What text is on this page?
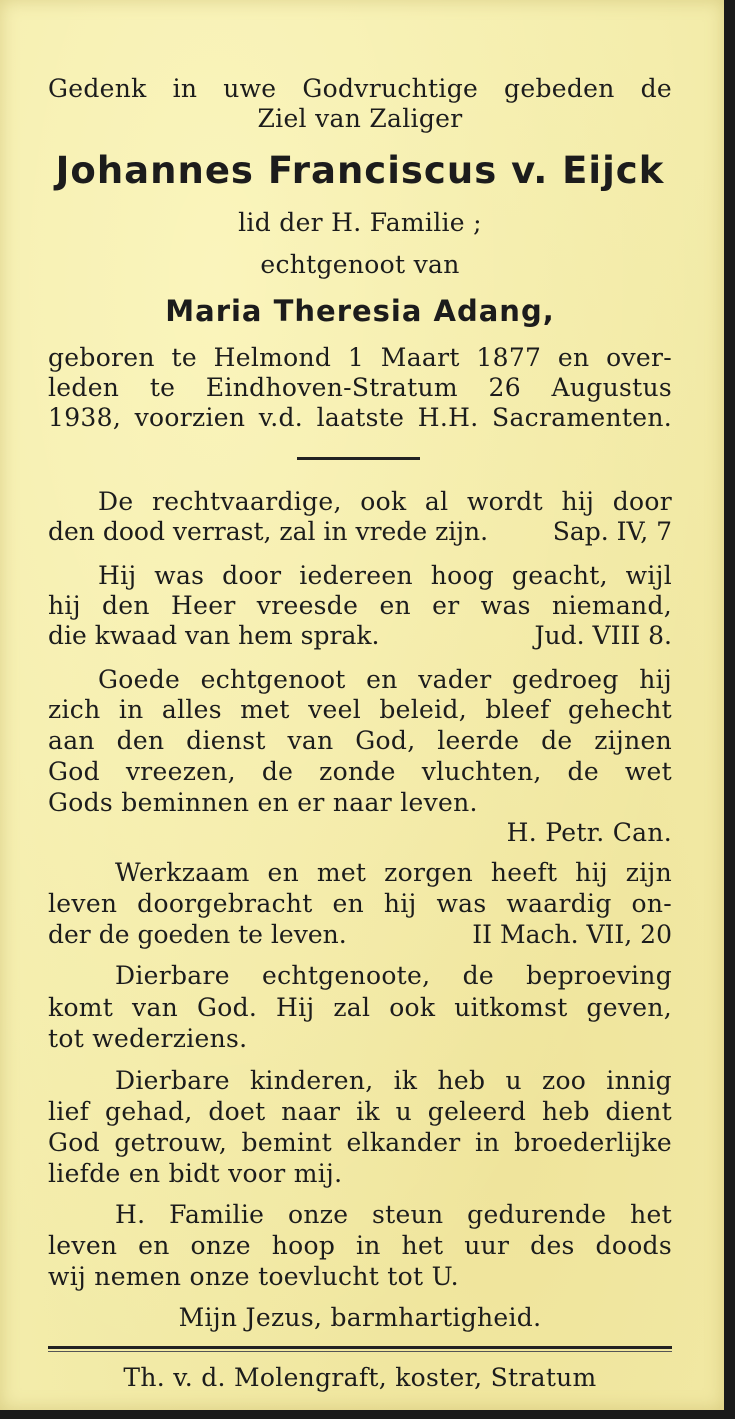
Gedenk in uwe Godvruchtige gebeden de
Ziel van Zaliger
Johannes Franciscus v. Eijck
lid der H. Familie ;
echtgenoot van
Maria Theresia Adang,
geboren te Helmond 1 Maart 1877 en over-
leden te Eindhoven-Stratum 26 Augustus
1938, voorzien v.d. laatste H.H. Sacramenten.
De rechtvaardige, ook al wordt hij door
den dood verrast, zal in vrede zijn.	Sap. IV, 7
Hij was door iedereen hoog geacht, wijl
hij den Heer vreesde en er was niemand,
die kwaad van hem sprak.	Jud. VIII 8.
Goede echtgenoot en vader gedroeg hij
zich in alles met veel beleid, bleef gehecht
aan den dienst van God, leerde de zijnen
God vreezen, de zonde vluchten, de wet
Gods beminnen en er naar leven.
H. Petr. Can.
Werkzaam en met zorgen heeft hij zijn
leven doorgebracht en hij was waardig on-
der de goeden te leven.	II Mach. VII, 20
Dierbare echtgenoote, de beproeving
komt van God. Hij zal ook uitkomst geven,
tot wederziens.
Dierbare kinderen, ik heb u zoo innig
lief gehad, doet naar ik u geleerd heb dient
God getrouw, bemint elkander in broederlijke
liefde en bidt voor mij.
H. Familie onze steun gedurende het
leven en onze hoop in het uur des doods
wij nemen onze toevlucht tot U.
Mijn Jezus, barmhartigheid.
Th. v. d. Molengraft, koster, Stratum
